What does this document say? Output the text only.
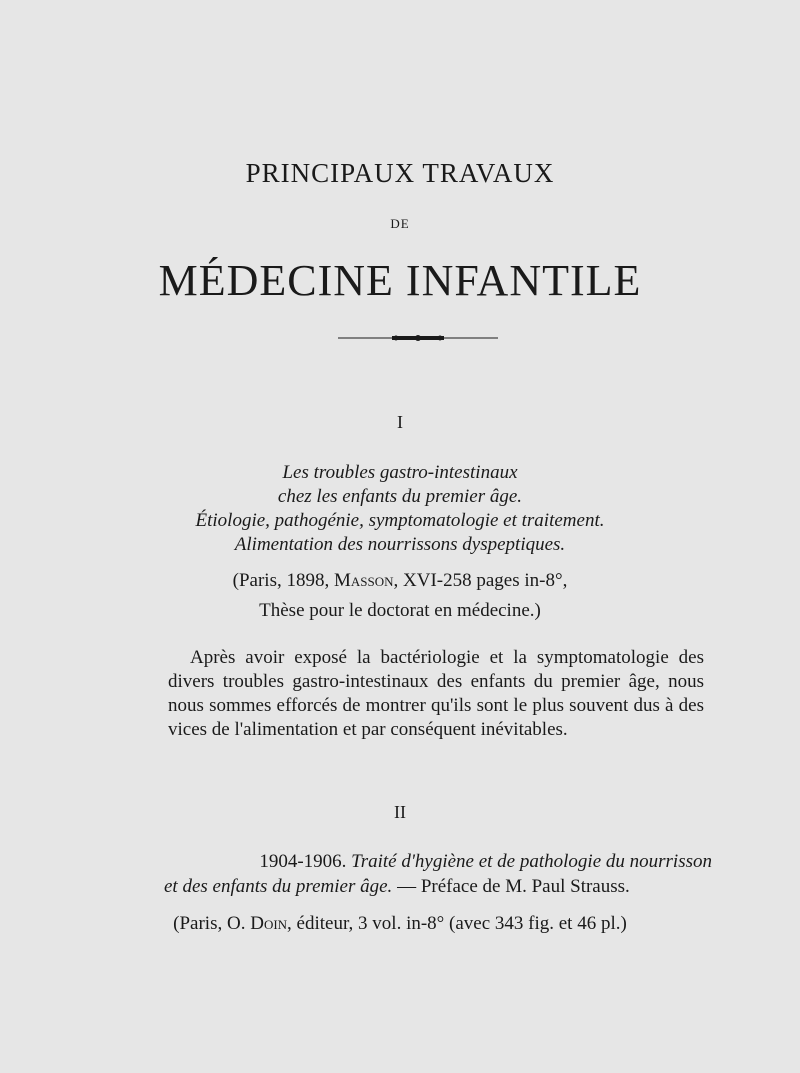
PRINCIPAUX TRAVAUX
DE
MÉDECINE INFANTILE
I
Les troubles gastro-intestinaux
chez les enfants du premier âge.
Étiologie, pathogénie, symptomatologie et traitement.
Alimentation des nourrissons dyspeptiques.
(Paris, 1898, Masson, XVI-258 pages in-8°,
Thèse pour le doctorat en médecine.)
Après avoir exposé la bactériologie et la symptomatologie des divers troubles gastro-intestinaux des enfants du premier âge, nous nous sommes efforcés de montrer qu'ils sont le plus souvent dus à des vices de l'alimentation et par conséquent inévitables.
II
1904-1906. Traité d'hygiène et de pathologie du nourrisson
et des enfants du premier âge. — Préface de M. Paul Strauss.
(Paris, O. Doin, éditeur, 3 vol. in-8° (avec 343 fig. et 46 pl.)
